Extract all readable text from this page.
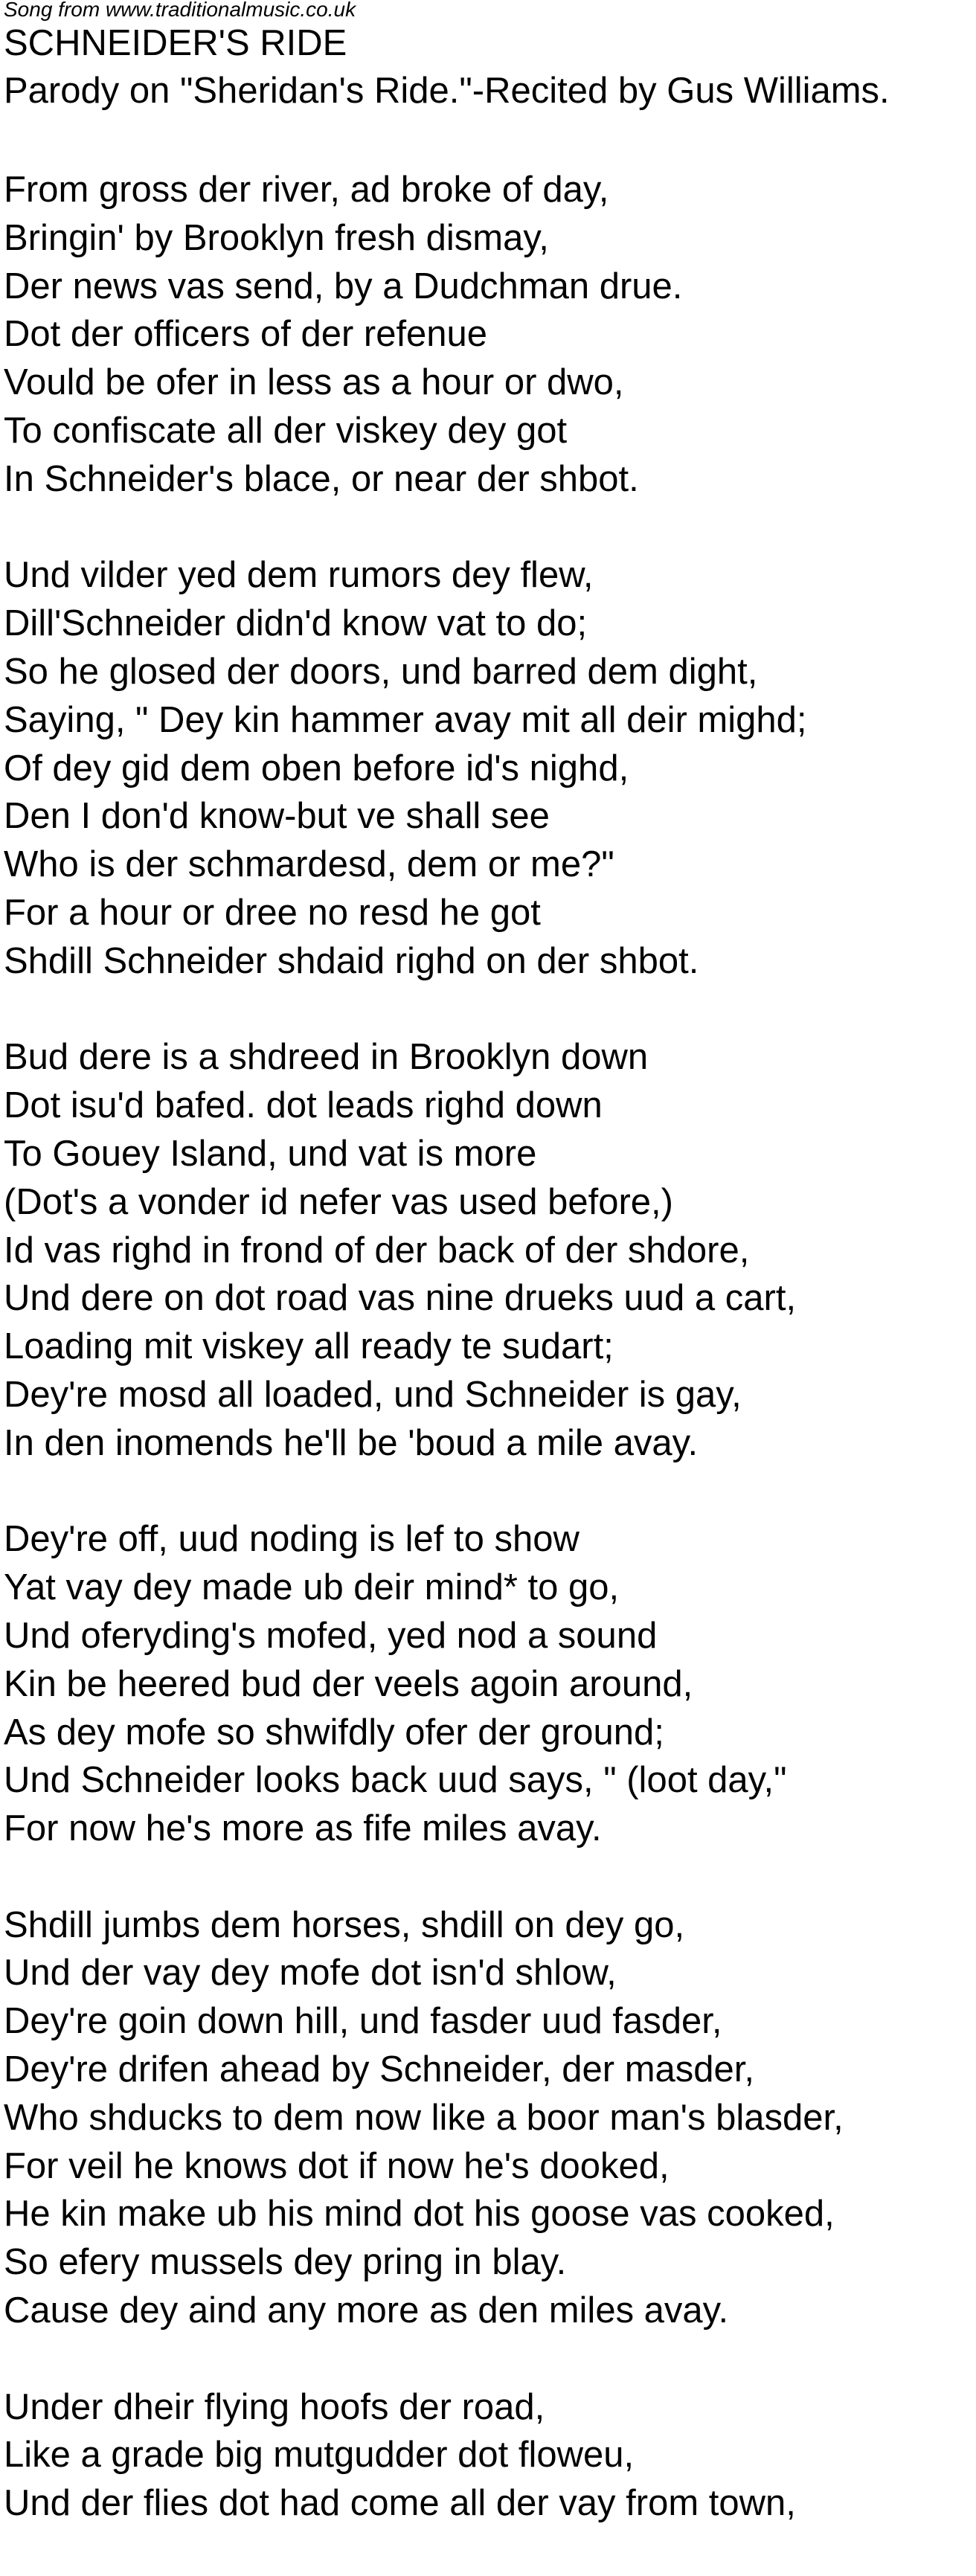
Song from www.traditionalmusic.co.uk
SCHNEIDER'S RIDE
Parody on "Sheridan's Ride."-Recited by Gus Williams.
From gross der river, ad broke of day,
Bringin' by Brooklyn fresh dismay,
Der news vas send, by a Dudchman drue.
Dot der officers of der refenue
Vould be ofer in less as a hour or dwo,
To confiscate all der viskey dey got
In Schneider's blace, or near der shbot.
Und vilder yed dem rumors dey flew,
Dill'Schneider didn'd know vat to do;
So he glosed der doors, und barred dem dight,
Saying, " Dey kin hammer avay mit all deir mighd;
Of dey gid dem oben before id's nighd,
Den I don'd know-but ve shall see
Who is der schmardesd, dem or me?"
For a hour or dree no resd he got
Shdill Schneider shdaid righd on der shbot.
Bud dere is a shdreed in Brooklyn down
Dot isu'd bafed. dot leads righd down
To Gouey Island, und vat is more
(Dot's a vonder id nefer vas used before,)
Id vas righd in frond of der back of der shdore,
Und dere on dot road vas nine drueks uud a cart,
Loading mit viskey all ready te sudart;
Dey're mosd all loaded, und Schneider is gay,
In den inomends he'll be 'boud a mile avay.
Dey're off, uud noding is lef to show
Yat vay dey made ub deir mind* to go,
Und oferyding's mofed, yed nod a sound
Kin be heered bud der veels agoin around,
As dey mofe so shwifdly ofer der ground;
Und Schneider looks back uud says, " (loot day,"
For now he's more as fife miles avay.
Shdill jumbs dem horses, shdill on dey go,
Und der vay dey mofe dot isn'd shlow,
Dey're goin down hill, und fasder uud fasder,
Dey're drifen ahead by Schneider, der masder,
Who shducks to dem now like a boor man's blasder,
For veil he knows dot if now he's dooked,
He kin make ub his mind dot his goose vas cooked,
So efery mussels dey pring in blay.
Cause dey aind any more as den miles avay.
Under dheir flying hoofs der road,
Like a grade big mutgudder dot floweu,
Und der flies dot had come all der vay from town,
